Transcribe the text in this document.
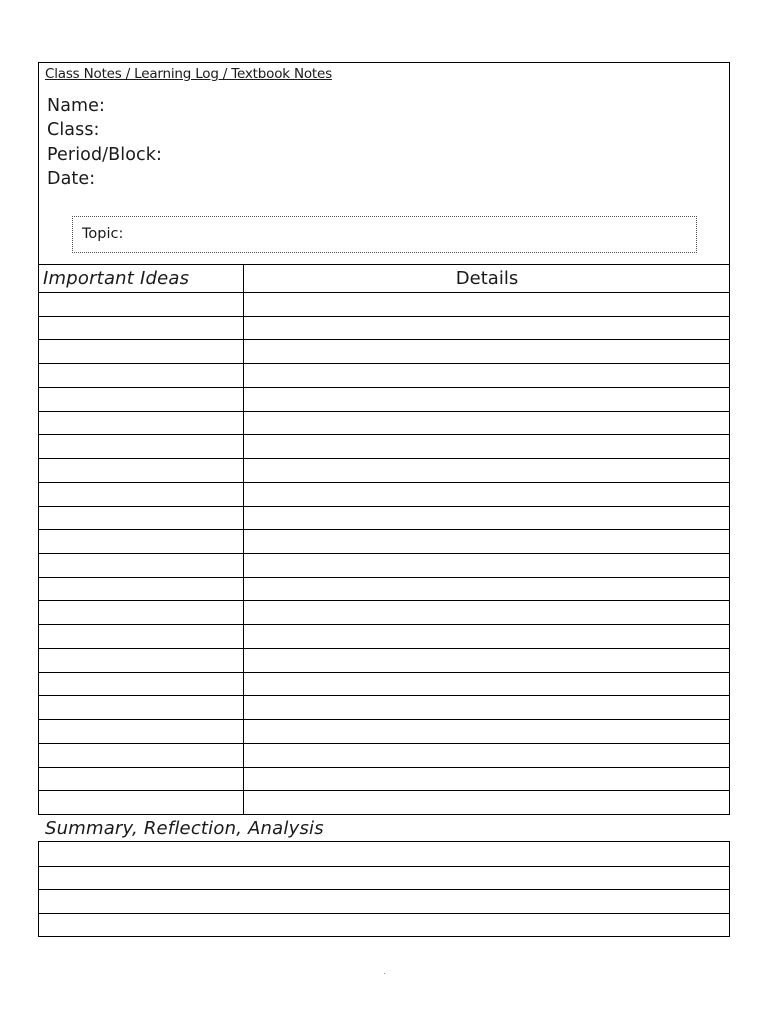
Class Notes / Learning Log / Textbook Notes
Name:
Class:
Period/Block:
Date:
Topic:
Important Ideas	Details
Summary, Reflection, Analysis
